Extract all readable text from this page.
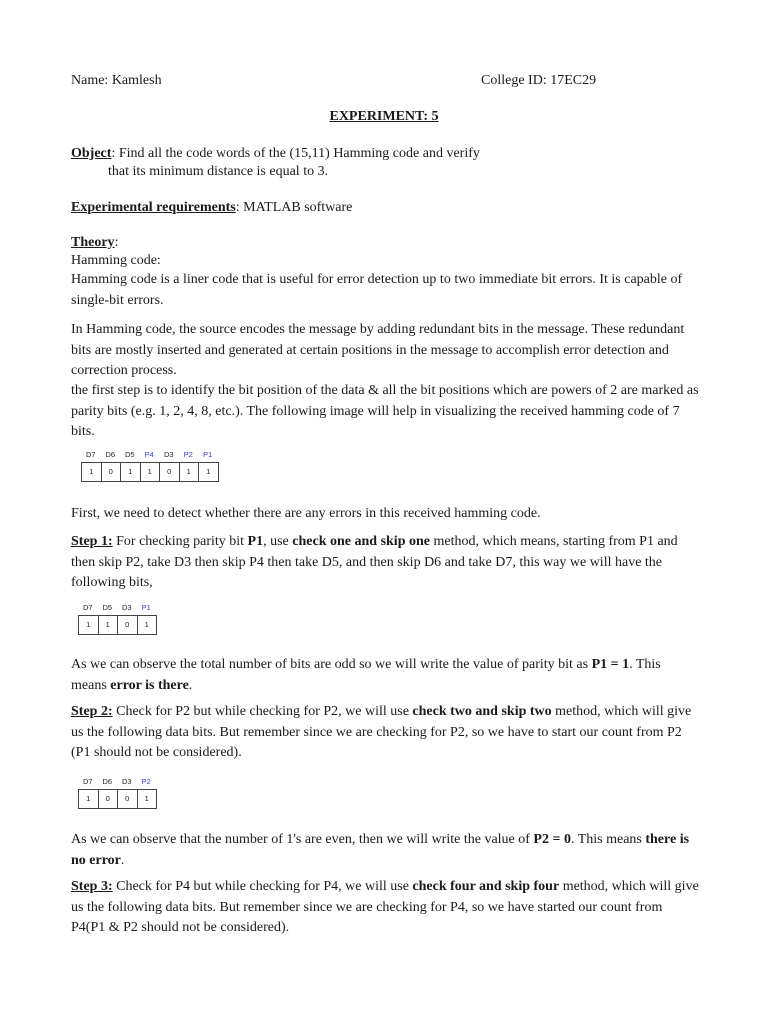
Name: Kamlesh	College ID: 17EC29

EXPERIMENT: 5

Object: Find all the code words of the (15,11) Hamming code and verify

that its minimum distance is equal to 3.

Experimental requirements: MATLAB software

Theory:

Hamming code:

Hamming code is a liner code that is useful for error detection up to two immediate bit errors. It is capable of single-bit errors.

In Hamming code, the source encodes the message by adding redundant bits in the message. These redundant bits are mostly inserted and generated at certain positions in the message to accomplish error detection and correction process.

the first step is to identify the bit position of the data & all the bit positions which are powers of 2 are marked as parity bits (e.g. 1, 2, 4, 8, etc.). The following image will help in visualizing the received hamming code of 7 bits.

D7	D6	D5	P4	D3	P2	P1
1	0	1	1	0	1	1

First, we need to detect whether there are any errors in this received hamming code.

Step 1: For checking parity bit P1, use check one and skip one method, which means, starting from P1 and then skip P2, take D3 then skip P4 then take D5, and then skip D6 and take D7, this way we will have the following bits,

D7	D5	D3	P1
1	1	0	1

As we can observe the total number of bits are odd so we will write the value of parity bit as P1 = 1. This means error is there.

Step 2: Check for P2 but while checking for P2, we will use check two and skip two method, which will give us the following data bits. But remember since we are checking for P2, so we have to start our count from P2 (P1 should not be considered).

D7	D6	D3	P2
1	0	0	1

As we can observe that the number of 1's are even, then we will write the value of P2 = 0. This means there is no error.

Step 3: Check for P4 but while checking for P4, we will use check four and skip four method, which will give us the following data bits. But remember since we are checking for P4, so we have started our count from P4(P1 & P2 should not be considered).
